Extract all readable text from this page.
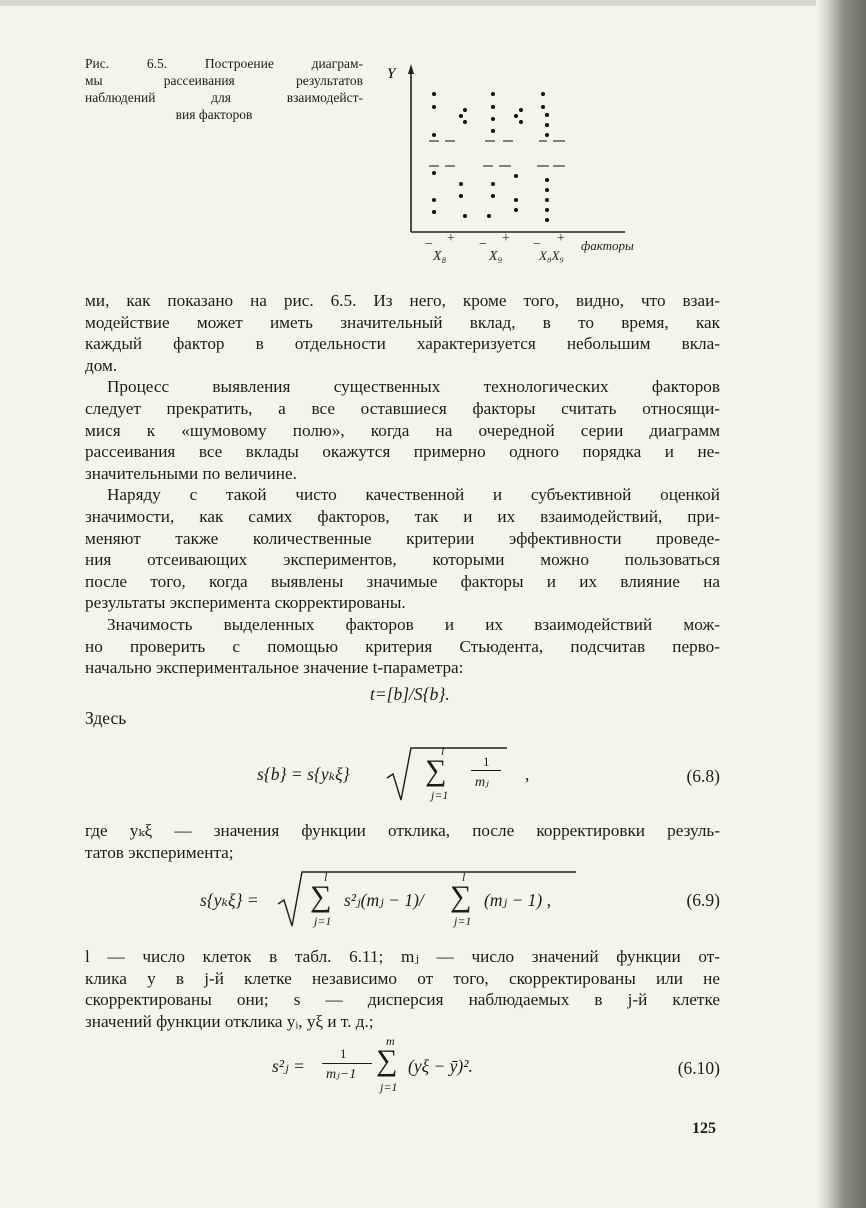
Рис. 6.5. Построение диаграм-
мы рассеивания результатов
наблюдений для взаимодейст-
вия факторов
Y
− +
X₈
− +
X₉
− +
X₈X₉
факторы

ми, как показано на рис. 6.5. Из него, кроме того, видно, что взаи-
модействие может иметь значительный вклад, в то время, как
каждый фактор в отдельности характеризуется небольшим вкла-
дом.

Процесс выявления существенных технологических факторов
следует прекратить, а все оставшиеся факторы считать относящи-
мися к «шумовому полю», когда на очередной серии диаграмм
рассеивания все вклады окажутся примерно одного порядка и не-
значительными по величине.

Наряду с такой чисто качественной и субъективной оценкой
значимости, как самих факторов, так и их взаимодействий, при-
меняют также количественные критерии эффективности проведе-
ния отсеивающих экспериментов, которыми можно пользоваться
после того, когда выявлены значимые факторы и их влияние на
результаты эксперимента скорректированы.

Значимость выделенных факторов и их взаимодействий мож-
но проверить с помощью критерия Стьюдента, подсчитав перво-
начально экспериментальное значение t-параметра:

t=[b]/S{b}.
Здесь
s{b} = s{yₖξ}
l
∑
j=1
1
mⱼ ,	(6.8)

где yₖξ — значения функции отклика, после корректировки резуль-
татов эксперимента;

s{yₖξ} =
l
∑
j=1
s²ⱼ(mⱼ − 1)/
l
∑
j=1
(mⱼ − 1) ,	(6.9)

l — число клеток в табл. 6.11; mⱼ — число значений функции от-
клика y в j-й клетке независимо от того, скорректированы или не
скорректированы они; s — дисперсия наблюдаемых в j-й клетке
значений функции отклика yᵢ, yξ и т. д.;

s²ⱼ =
1
mⱼ−1
m
∑
j=1
(yξ − ȳ)².	(6.10)
125
